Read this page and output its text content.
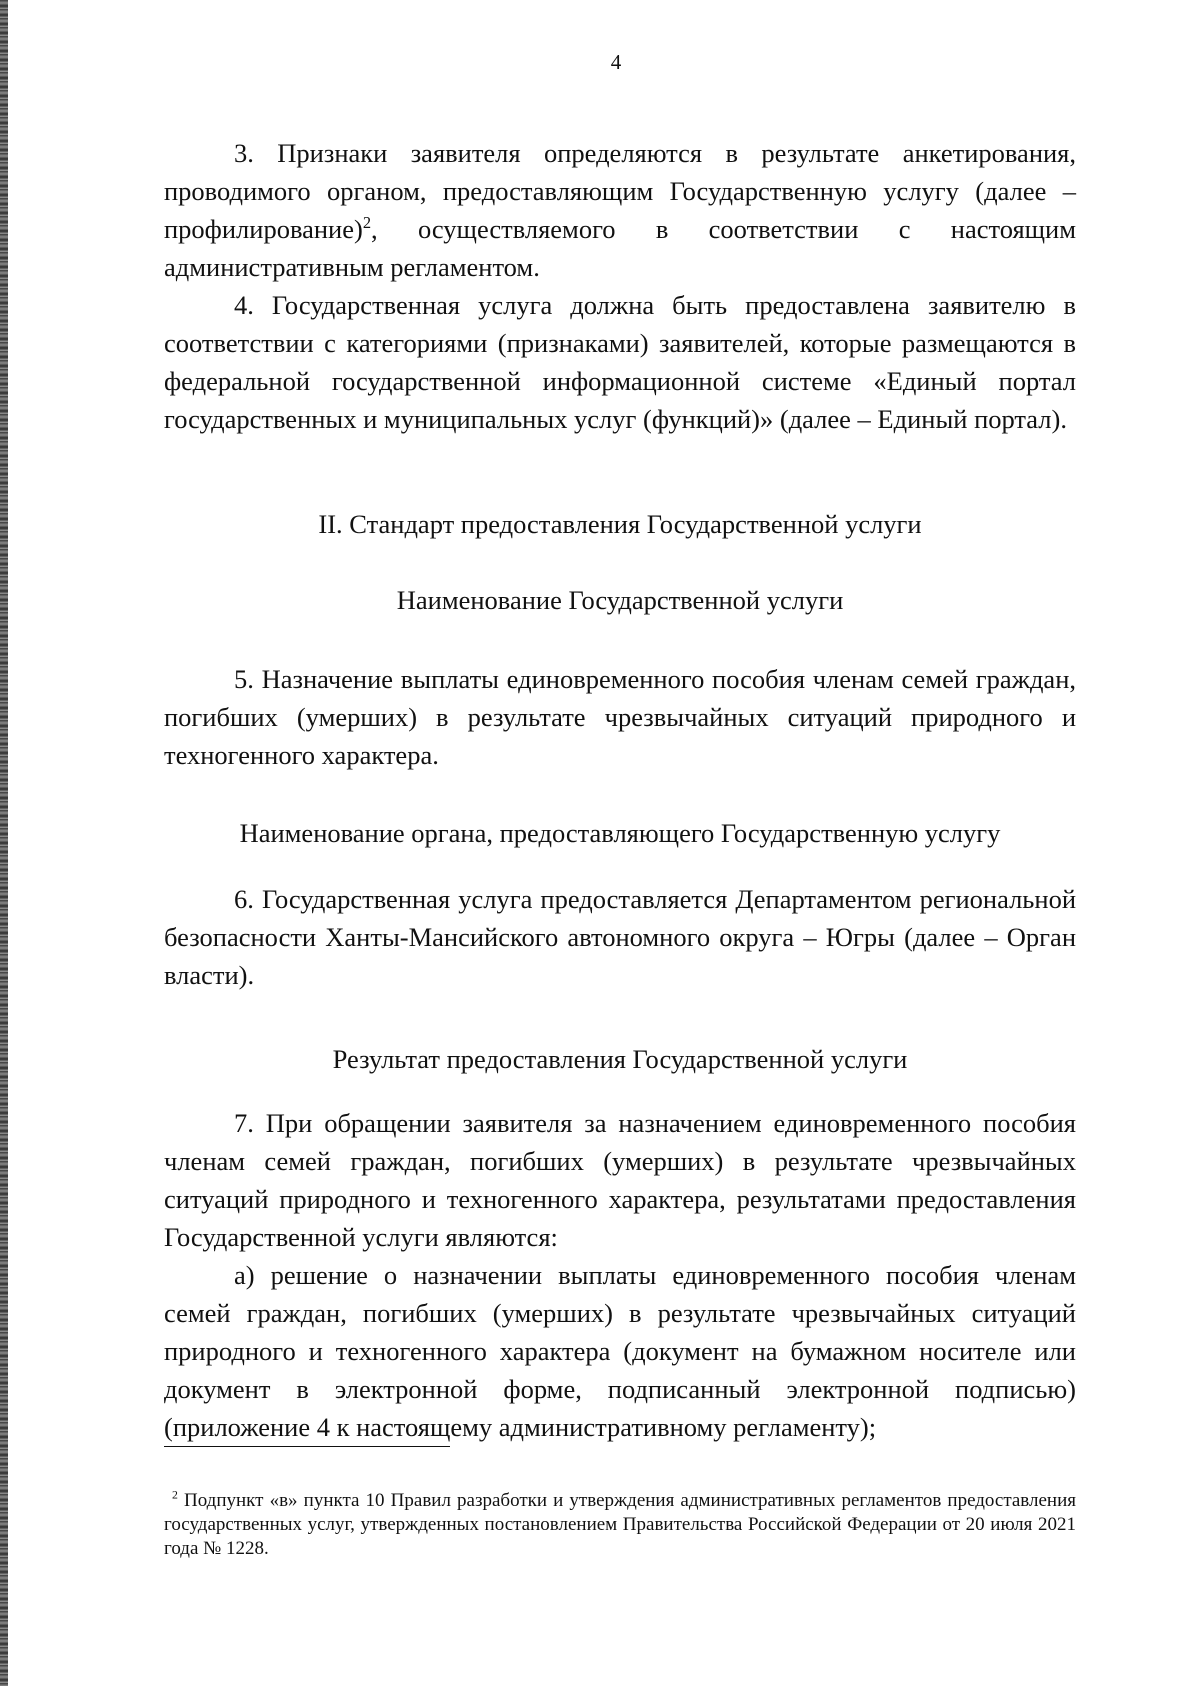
4

3. Признаки заявителя определяются в результате анкетирования, проводимого органом, предоставляющим Государственную услугу (далее – профилирование)$^2$, осуществляемого в соответствии с настоящим административным регламентом.

4. Государственная услуга должна быть предоставлена заявителю в соответствии с категориями (признаками) заявителей, которые размещаются в федеральной государственной информационной системе «Единый портал государственных и муниципальных услуг (функций)» (далее – Единый портал).

II. Стандарт предоставления Государственной услуги

Наименование Государственной услуги

5. Назначение выплаты единовременного пособия членам семей граждан, погибших (умерших) в результате чрезвычайных ситуаций природного и техногенного характера.

Наименование органа, предоставляющего Государственную услугу

6. Государственная услуга предоставляется Департаментом региональной безопасности Ханты-Мансийского автономного округа – Югры (далее – Орган власти).

Результат предоставления Государственной услуги

7. При обращении заявителя за назначением единовременного пособия членам семей граждан, погибших (умерших) в результате чрезвычайных ситуаций природного и техногенного характера, результатами предоставления Государственной услуги являются:

а) решение о назначении выплаты единовременного пособия членам семей граждан, погибших (умерших) в результате чрезвычайных ситуаций природного и техногенного характера (документ на бумажном носителе или документ в электронной форме, подписанный электронной подписью) (приложение 4 к настоящему административному регламенту);

$^2$ Подпункт «в» пункта 10 Правил разработки и утверждения административных регламентов предоставления государственных услуг, утвержденных постановлением Правительства Российской Федерации от 20 июля 2021 года № 1228.
